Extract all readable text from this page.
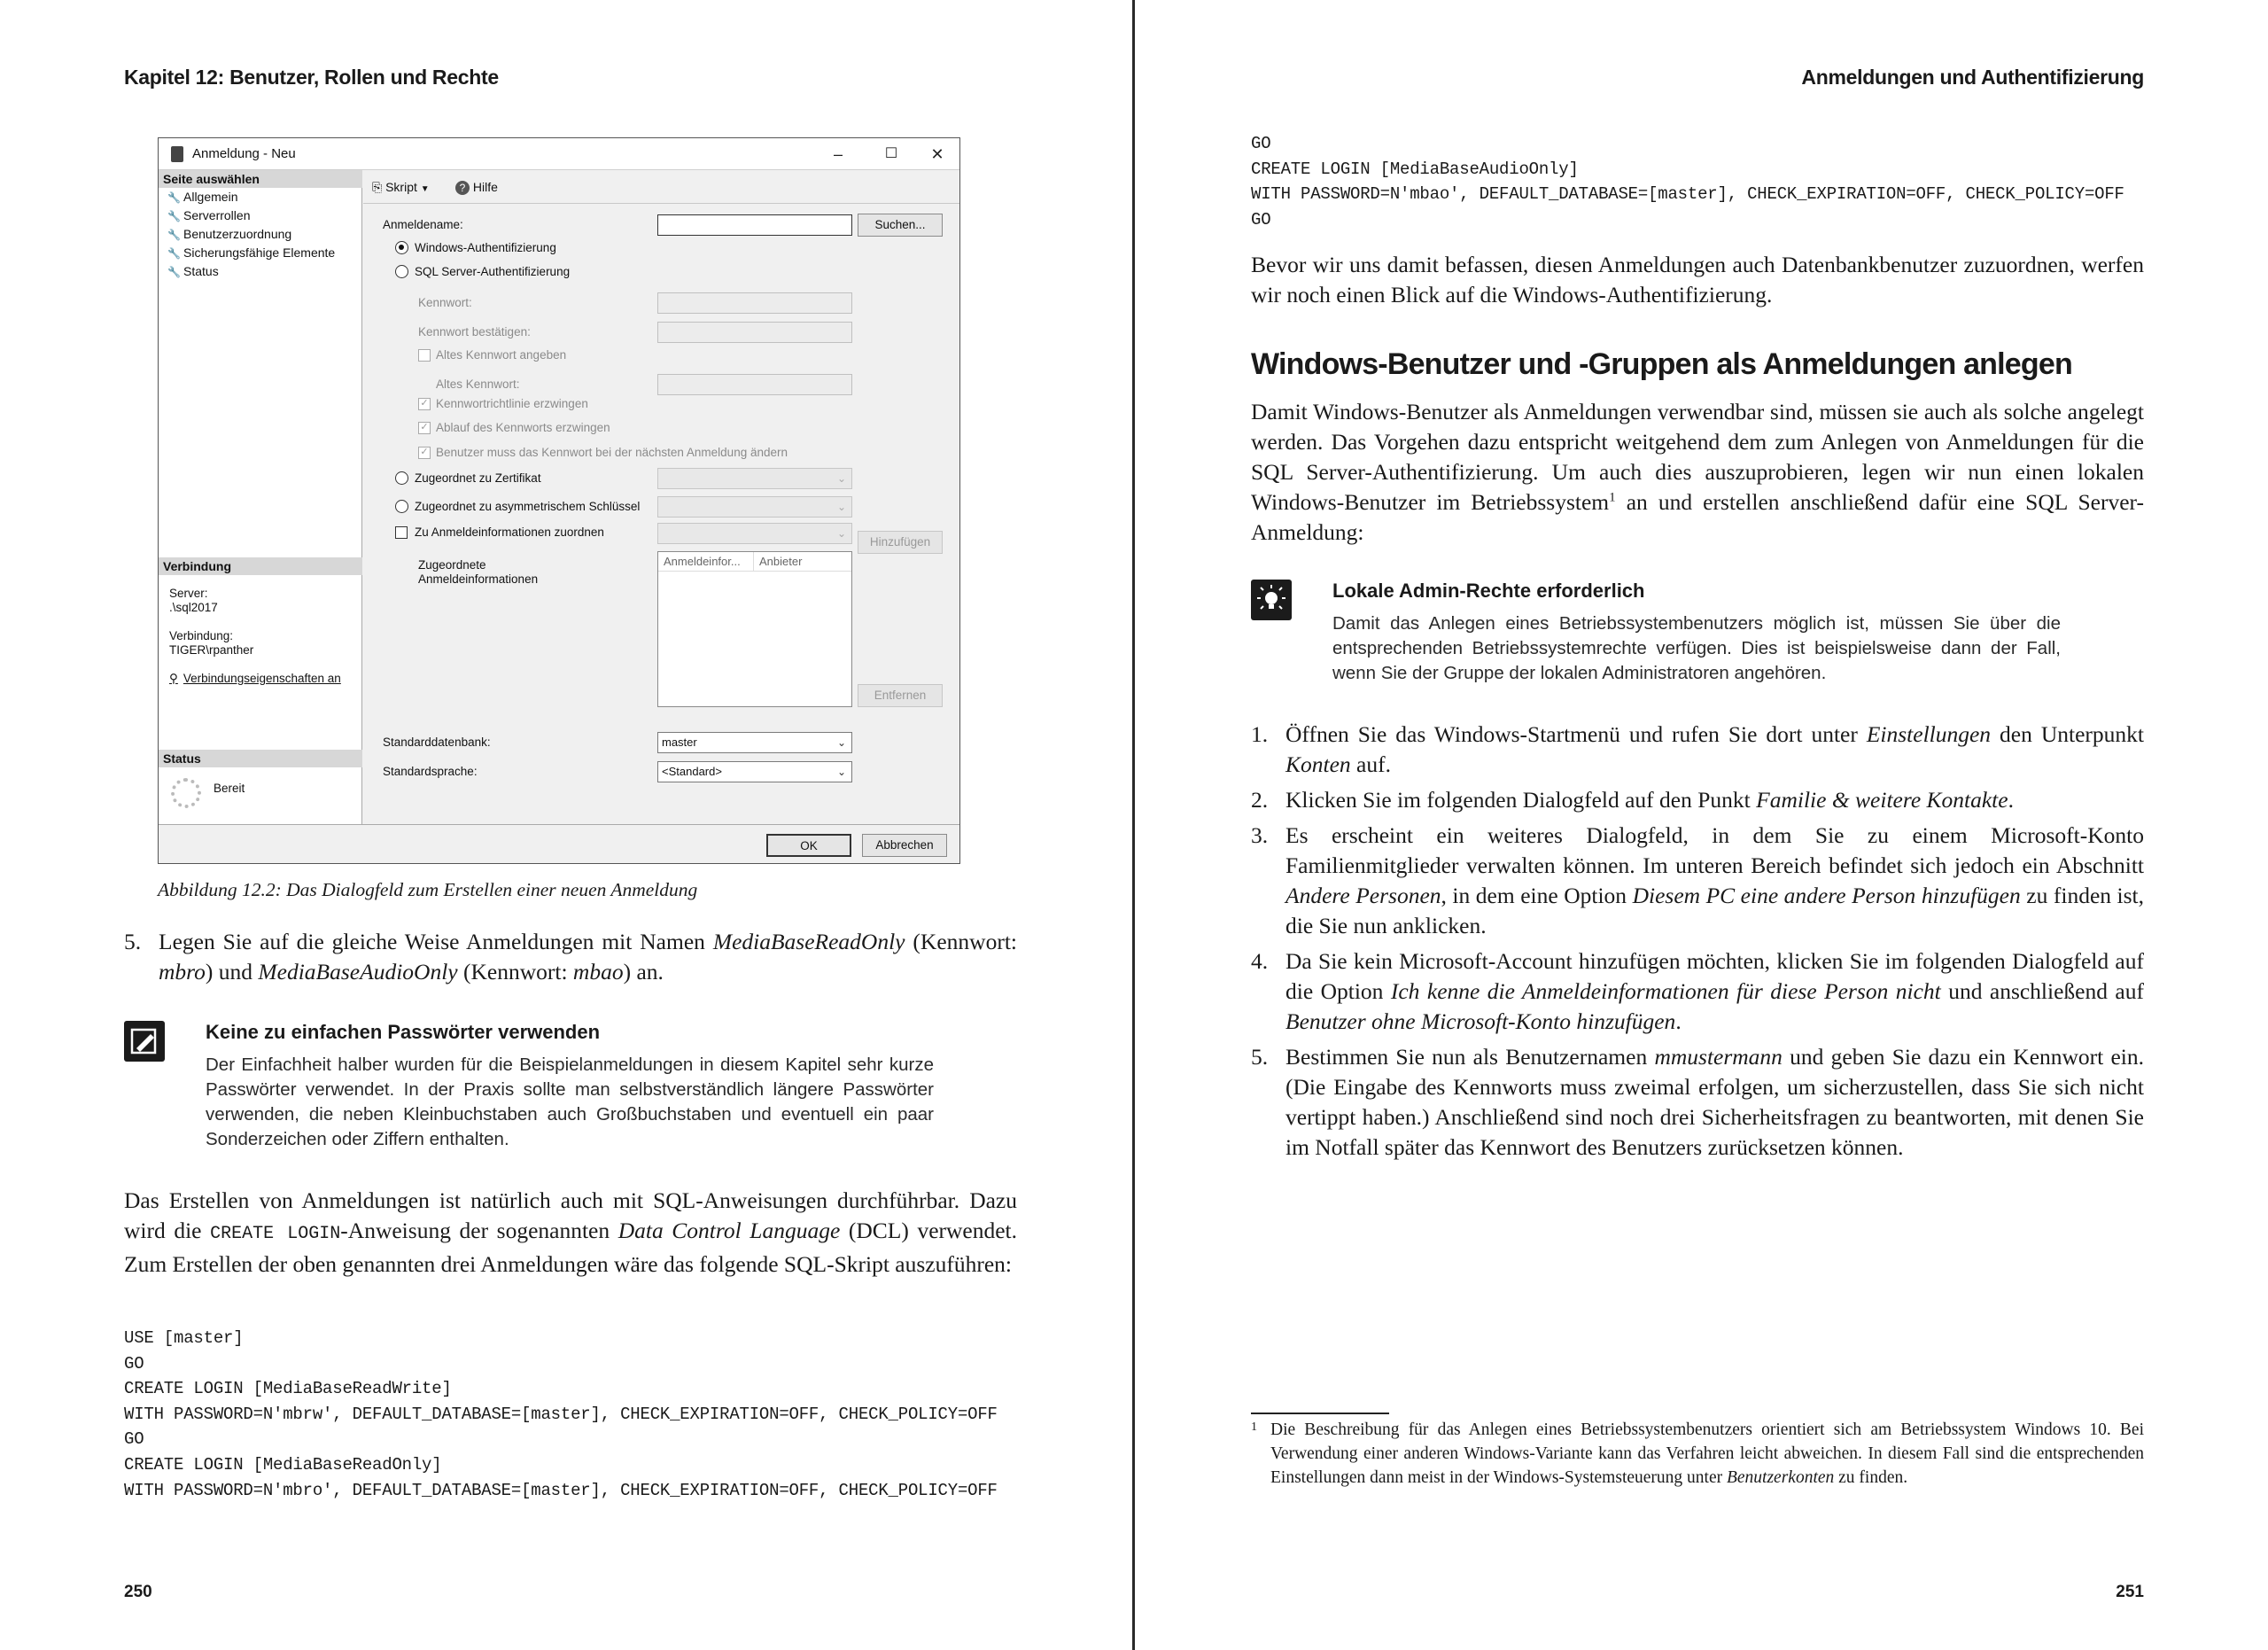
Kapitel 12: Benutzer, Rollen und Rechte
Anmeldung - Neu	–	☐	✕
Seite auswählen
🔧 Allgemein
🔧 Serverrollen
🔧 Benutzerzuordnung
🔧 Sicherungsfähige Elemente
🔧 Status
Verbindung
Server:
.\sql2017
Verbindung:
TIGER\rpanther
⚲ Verbindungseigenschaften an
Status
Bereit
⎘ Skript ▼	? Hilfe
Anmeldename:	Suchen...
Windows-Authentifizierung
SQL Server-Authentifizierung
Kennwort:
Kennwort bestätigen:
Altes Kennwort angeben
Altes Kennwort:
✓ Kennwortrichtlinie erzwingen
✓ Ablauf des Kennworts erzwingen
✓ Benutzer muss das Kennwort bei der nächsten Anmeldung ändern
Zugeordnet zu Zertifikat	⌄
Zugeordnet zu asymmetrischem Schlüssel	⌄
Zu Anmeldeinformationen zuordnen	⌄
Hinzufügen
Zugeordnete
Anmeldeinformationen
Anmeldeinfor...	Anbieter
Entfernen
Standarddatenbank:	master	⌄
Standardsprache:	<Standard>	⌄
OK	Abbrechen
Abbildung 12.2: Das Dialogfeld zum Erstellen einer neuen Anmeldung
5. Legen Sie auf die gleiche Weise Anmeldungen mit Namen MediaBaseReadOnly (Kennwort: mbro) und MediaBaseAudioOnly (Kennwort: mbao) an.
Keine zu einfachen Passwörter verwenden
Der Einfachheit halber wurden für die Beispielanmeldungen in diesem Kapitel sehr kurze Passwörter verwendet. In der Praxis sollte man selbstverständlich längere Passwörter verwenden, die neben Kleinbuchstaben auch Großbuchstaben und eventuell ein paar Sonderzeichen oder Ziffern enthalten.
Das Erstellen von Anmeldungen ist natürlich auch mit SQL-Anweisungen durchführbar. Dazu wird die CREATE LOGIN-Anweisung der sogenannten Data Control Language (DCL) verwendet. Zum Erstellen der oben genannten drei Anmeldungen wäre das folgende SQL-Skript auszuführen:
USE [master]
GO
CREATE LOGIN [MediaBaseReadWrite]
WITH PASSWORD=N'mbrw', DEFAULT_DATABASE=[master], CHECK_EXPIRATION=OFF, CHECK_POLICY=OFF
GO
CREATE LOGIN [MediaBaseReadOnly]
WITH PASSWORD=N'mbro', DEFAULT_DATABASE=[master], CHECK_EXPIRATION=OFF, CHECK_POLICY=OFF
250
Anmeldungen und Authentifizierung
GO
CREATE LOGIN [MediaBaseAudioOnly]
WITH PASSWORD=N'mbao', DEFAULT_DATABASE=[master], CHECK_EXPIRATION=OFF, CHECK_POLICY=OFF
GO
Bevor wir uns damit befassen, diesen Anmeldungen auch Datenbankbenutzer zuzuordnen, werfen wir noch einen Blick auf die Windows-Authentifizierung.
Damit Windows-Benutzer als Anmeldungen verwendbar sind, müssen sie auch als solche angelegt werden. Das Vorgehen dazu entspricht weitgehend dem zum Anlegen von Anmeldungen für die SQL Server-Authentifizierung. Um auch dies auszuprobieren, legen wir nun einen lokalen Windows-Benutzer im Betriebssystem$^1$ an und erstellen anschließend dafür eine SQL Server-Anmeldung:
Lokale Admin-Rechte erforderlich
Damit das Anlegen eines Betriebssystembenutzers möglich ist, müssen Sie über die entsprechenden Betriebssystemrechte verfügen. Dies ist beispielsweise dann der Fall, wenn Sie der Gruppe der lokalen Administratoren angehören.
1. Öffnen Sie das Windows-Startmenü und rufen Sie dort unter Einstellungen den Unterpunkt Konten auf.
2. Klicken Sie im folgenden Dialogfeld auf den Punkt Familie & weitere Kontakte.
3. Es erscheint ein weiteres Dialogfeld, in dem Sie zu einem Microsoft-Konto Familienmitglieder verwalten können. Im unteren Bereich befindet sich jedoch ein Abschnitt Andere Personen, in dem eine Option Diesem PC eine andere Person hinzufügen zu finden ist, die Sie nun anklicken.
4. Da Sie kein Microsoft-Account hinzufügen möchten, klicken Sie im folgenden Dialogfeld auf die Option Ich kenne die Anmeldeinformationen für diese Person nicht und anschließend auf Benutzer ohne Microsoft-Konto hinzufügen.
5. Bestimmen Sie nun als Benutzernamen mmustermann und geben Sie dazu ein Kennwort ein. (Die Eingabe des Kennworts muss zweimal erfolgen, um sicherzustellen, dass Sie sich nicht vertippt haben.) Anschließend sind noch drei Sicherheitsfragen zu beantworten, mit denen Sie im Notfall später das Kennwort des Benutzers zurücksetzen können.
1 Die Beschreibung für das Anlegen eines Betriebssystembenutzers orientiert sich am Betriebssystem Windows 10. Bei Verwendung einer anderen Windows-Variante kann das Verfahren leicht abweichen. In diesem Fall sind die entsprechenden Einstellungen dann meist in der Windows-Systemsteuerung unter Benutzerkonten zu finden.
251
Windows-Benutzer und -Gruppen als Anmeldungen anlegen
